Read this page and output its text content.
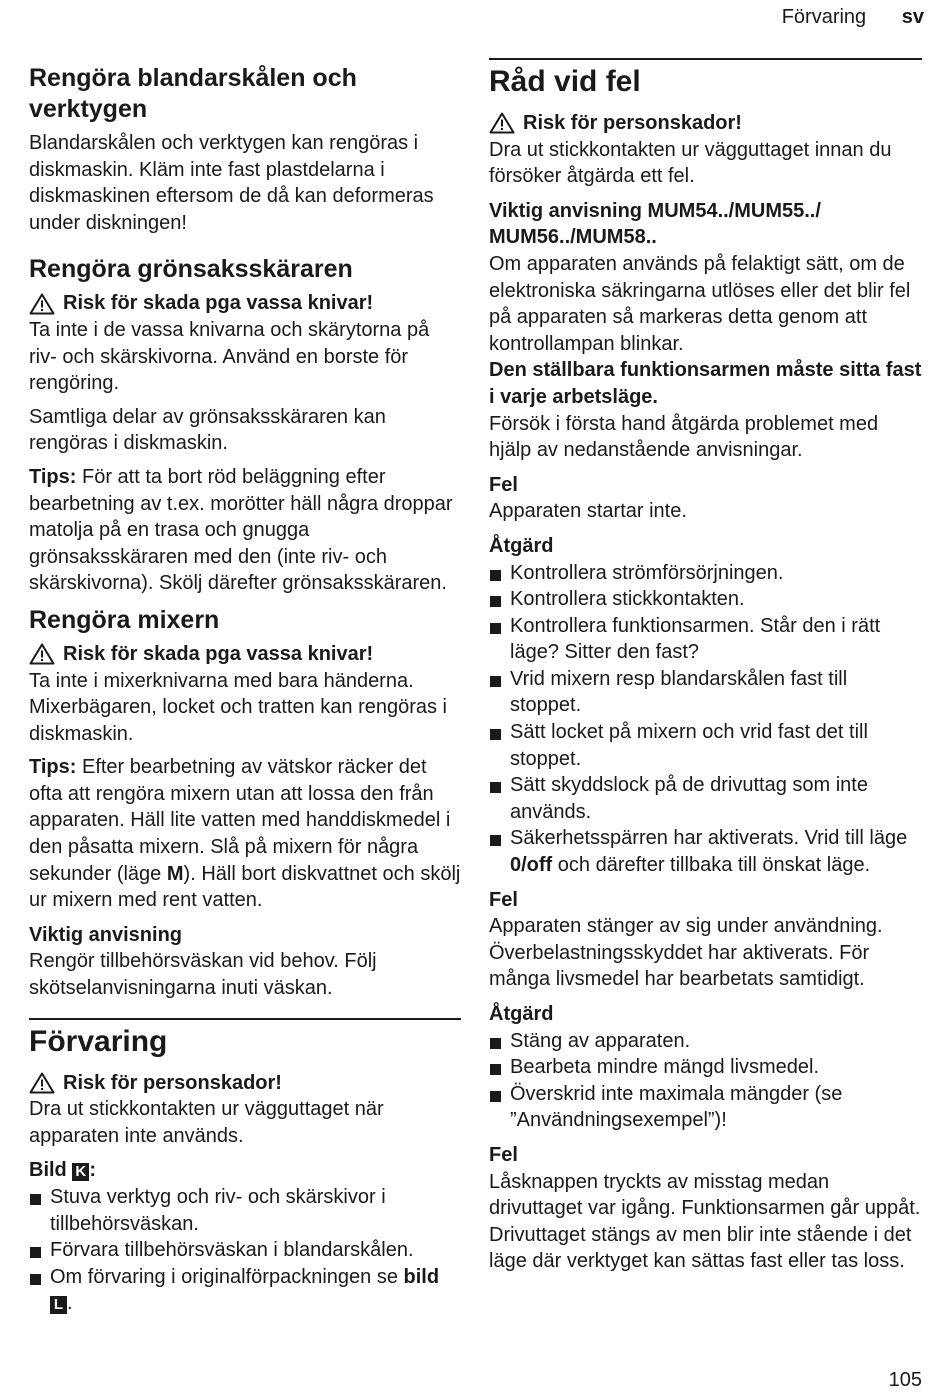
Förvaring sv
Rengöra blandarskålen och verktygen

Blandarskålen och verktygen kan rengöras i diskmaskin. Kläm inte fast plastdelarna i diskmaskinen eftersom de då kan deformeras under diskningen!

Rengöra grönsaksskäraren
Risk för skada pga vassa knivar!

Ta inte i de vassa knivarna och skärytorna på riv- och skärskivorna. Använd en borste för rengöring.

Samtliga delar av grönsaksskäraren kan rengöras i diskmaskin.

Tips: För att ta bort röd beläggning efter bearbetning av t.ex. morötter häll några droppar matolja på en trasa och gnugga grönsaksskäraren med den (inte riv- och skärskivorna). Skölj därefter grönsaksskäraren.

Rengöra mixern
Risk för skada pga vassa knivar!

Ta inte i mixerknivarna med bara händerna. Mixerbägaren, locket och tratten kan rengöras i diskmaskin.

Tips: Efter bearbetning av vätskor räcker det ofta att rengöra mixern utan att lossa den från apparaten. Häll lite vatten med handdiskmedel i den påsatta mixern. Slå på mixern för några sekunder (läge M). Häll bort diskvattnet och skölj ur mixern med rent vatten.

Viktig anvisning

Rengör tillbehörsväskan vid behov. Följ skötselanvisningarna inuti väskan.

Förvaring
Risk för personskador!

Dra ut stickkontakten ur vägguttaget när apparaten inte används.

Bild K :
Stuva verktyg och riv- och skärskivor i tillbehörsväskan.
Förvara tillbehörsväskan i blandarskålen.
Om förvaring i originalförpackningen se bild L .
Råd vid fel
Risk för personskador!

Dra ut stickkontakten ur vägguttaget innan du försöker åtgärda ett fel.

Viktig anvisning MUM54../MUM55../ MUM56../MUM58..

Om apparaten används på felaktigt sätt, om de elektroniska säkringarna utlöses eller det blir fel på apparaten så markeras detta genom att kontrollampan blinkar.

Den ställbara funktionsarmen måste sitta fast i varje arbetsläge.

Försök i första hand åtgärda problemet med hjälp av nedanstående anvisningar.

Fel

Apparaten startar inte.

Åtgärd
Kontrollera strömförsörjningen.
Kontrollera stickkontakten.
Kontrollera funktionsarmen. Står den i rätt läge? Sitter den fast?
Vrid mixern resp blandarskålen fast till stoppet.
Sätt locket på mixern och vrid fast det till stoppet.
Sätt skyddslock på de drivuttag som inte används.
Säkerhetsspärren har aktiverats. Vrid till läge 0/off och därefter tillbaka till önskat läge.
Fel

Apparaten stänger av sig under användning. Överbelastningsskyddet har aktiverats. För många livsmedel har bearbetats samtidigt.

Åtgärd
Stäng av apparaten.
Bearbeta mindre mängd livsmedel.
Överskrid inte maximala mängder (se ”Användningsexempel”)!
Fel

Låsknappen tryckts av misstag medan drivuttaget var igång. Funktionsarmen går uppåt. Drivuttaget stängs av men blir inte stående i det läge där verktyget kan sättas fast eller tas loss.

105
